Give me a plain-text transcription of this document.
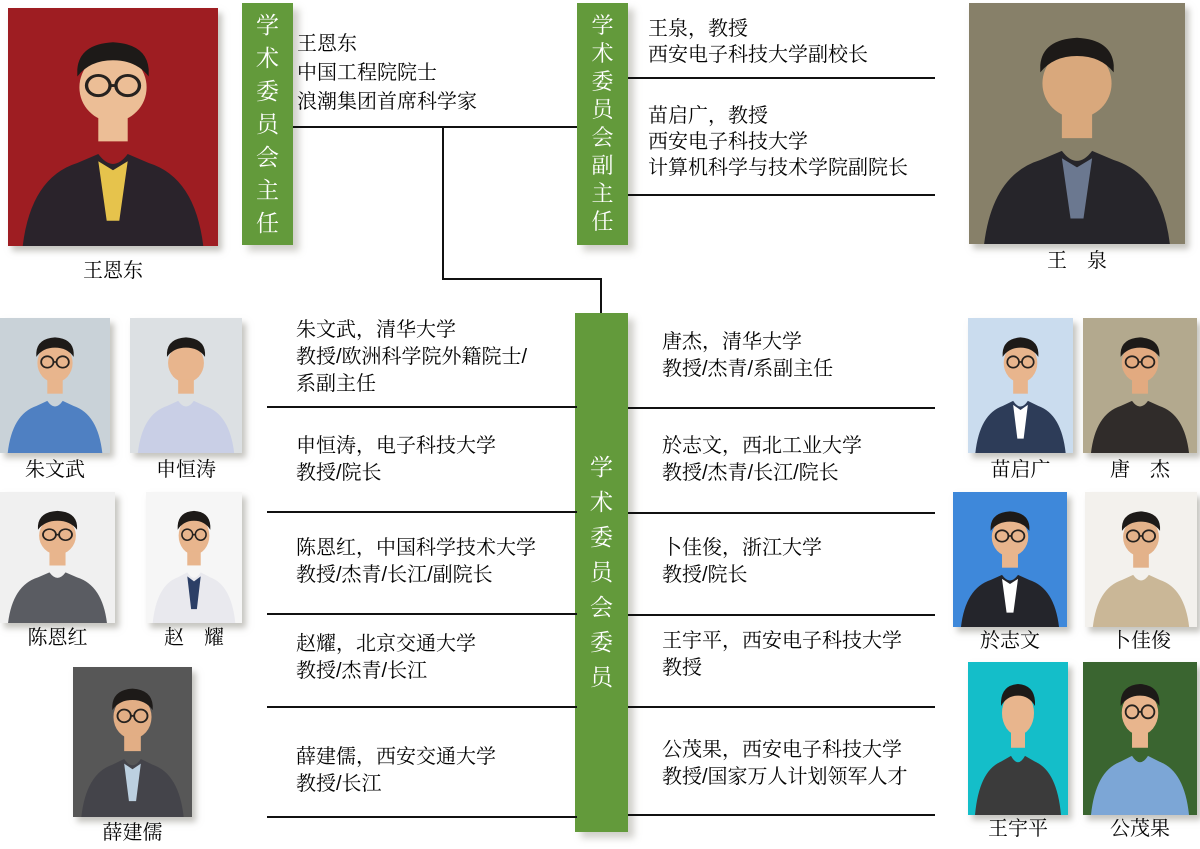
王恩东
学
术
委
员
会
主
任
王恩东
中国工程院院士
浪潮集团首席科学家
学
术
委
员
会
副
主
任
王泉，教授
西安电子科技大学副校长
苗启广，教授
西安电子科技大学
计算机科学与技术学院副院长
王　泉
学
术
委
员
会
委
员
朱文武，清华大学
教授/欧洲科学院外籍院士/
系副主任
申恒涛，电子科技大学
教授/院长
陈恩红，中国科学技术大学
教授/杰青/长江/副院长
赵耀，北京交通大学
教授/杰青/长江
薛建儒，西安交通大学
教授/长江
唐杰，清华大学
教授/杰青/系副主任
於志文，西北工业大学
教授/杰青/长江/院长
卜佳俊，浙江大学
教授/院长
王宇平，西安电子科技大学
教授
公茂果，西安电子科技大学
教授/国家万人计划领军人才
朱文武	申恒涛
陈恩红	赵　耀
薛建儒
苗启广	唐　杰
於志文	卜佳俊
王宇平	公茂果
